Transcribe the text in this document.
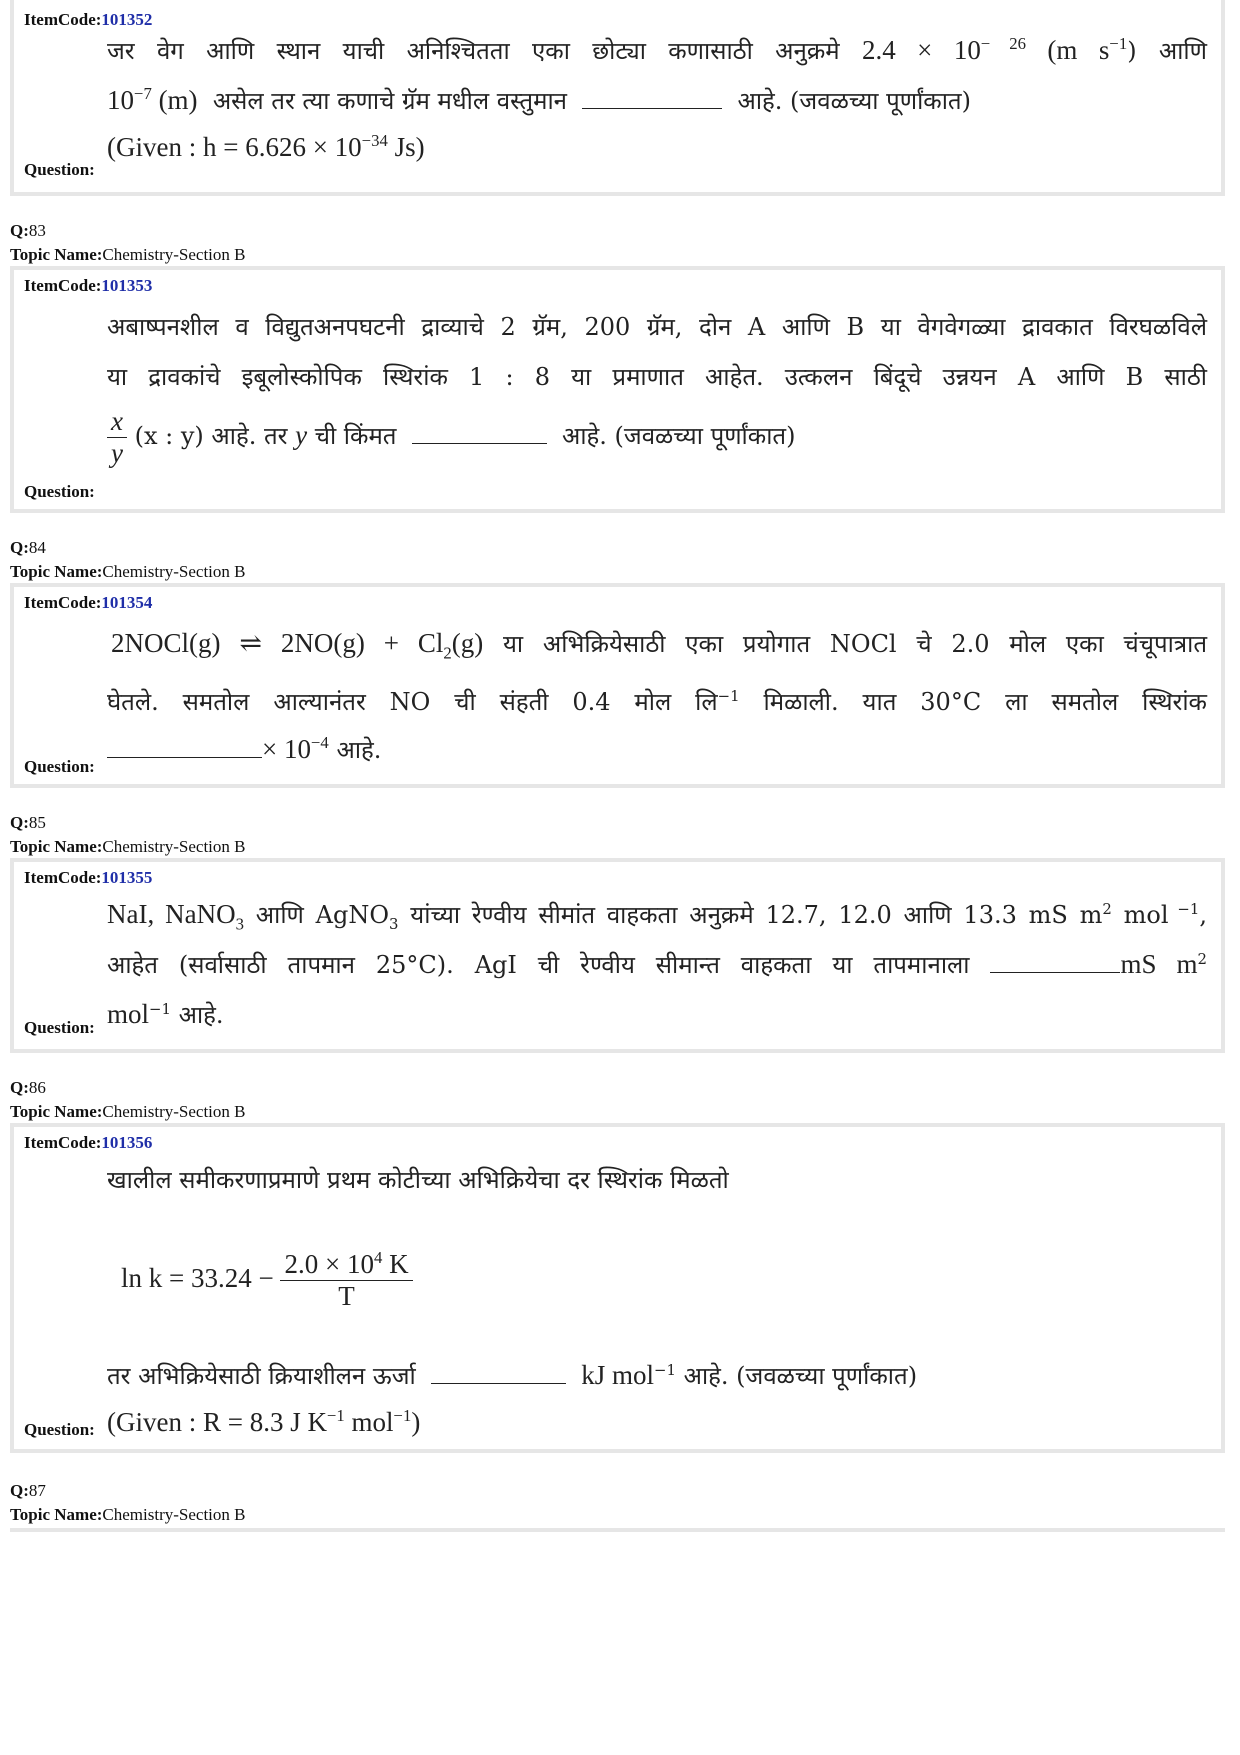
ItemCode:101352
जर वेग आणि स्थान याची अनिश्चितता एका छोट्या कणासाठी अनुक्रमे $2.4 \times 10^{- 26}$ (m $s^{-1}$) आणि
$10^{-7}$ (m) असेल तर त्या कणाचे ग्रॅम मधील वस्तुमान	आहे. (जवळच्या पूर्णांकात)
(Given : $h = 6.626 \times 10^{-34}$ Js)
Question:
Q:83
Topic Name:Chemistry-Section B
ItemCode:101353
अबाष्पनशील व विद्युतअनपघटनी द्राव्याचे 2 ग्रॅम, 200 ग्रॅम, दोन A आणि B या वेगवेगळ्या द्रावकात विरघळविले
या द्रावकांचे इबूलोस्कोपिक स्थिरांक 1 : 8 या प्रमाणात आहेत. उत्कलन बिंदूचे उन्नयन A आणि B साठी
$\frac{x}{y} (x$ : y) आहे. तर y ची किंमत	आहे. (जवळच्या पूर्णांकात)
Question:
Q:84
Topic Name:Chemistry-Section B
ItemCode:101354
2NOCl(g) ⇌ $2NO(g) + Cl_2(g)$ या अभिक्रियेसाठी एका प्रयोगात NOCl चे 2.0 मोल एका चंचूपात्रात
घेतले. समतोल आल्यानंतर NO ची संहती 0.4 मोल लि$^{-1}$ मिळाली. यात 30°C ला समतोल स्थिरांक
× $10^{-4}$ आहे.
Question:
Q:85
Topic Name:Chemistry-Section B
ItemCode:101355
NaI, NaNO$_3$ आणि AgNO$_3$ यांच्या रेण्वीय सीमांत वाहकता अनुक्रमे 12.7, 12.0 आणि 13.3 mS $m^2$ mol $^{-1}$,
आहेत (सर्वासाठी तापमान 25°C). AgI ची रेण्वीय सीमान्त वाहकता या तापमानाला	mS $m^2$
mol$^{-1}$ आहे.
Question:
Q:86
Topic Name:Chemistry-Section B
ItemCode:101356
खालील समीकरणाप्रमाणे प्रथम कोटीच्या अभिक्रियेचा दर स्थिरांक मिळतो
$\ln k = 33.24 - \frac{2.0 \times 10^4 K}{T}$
तर अभिक्रियेसाठी क्रियाशीलन ऊर्जा	kJ mol$^{-1}$ आहे. (जवळच्या पूर्णांकात)
(Given : R = 8.3 J $K^{-1}$ mol$^{-1}$)
Question:
Q:87
Topic Name:Chemistry-Section B
